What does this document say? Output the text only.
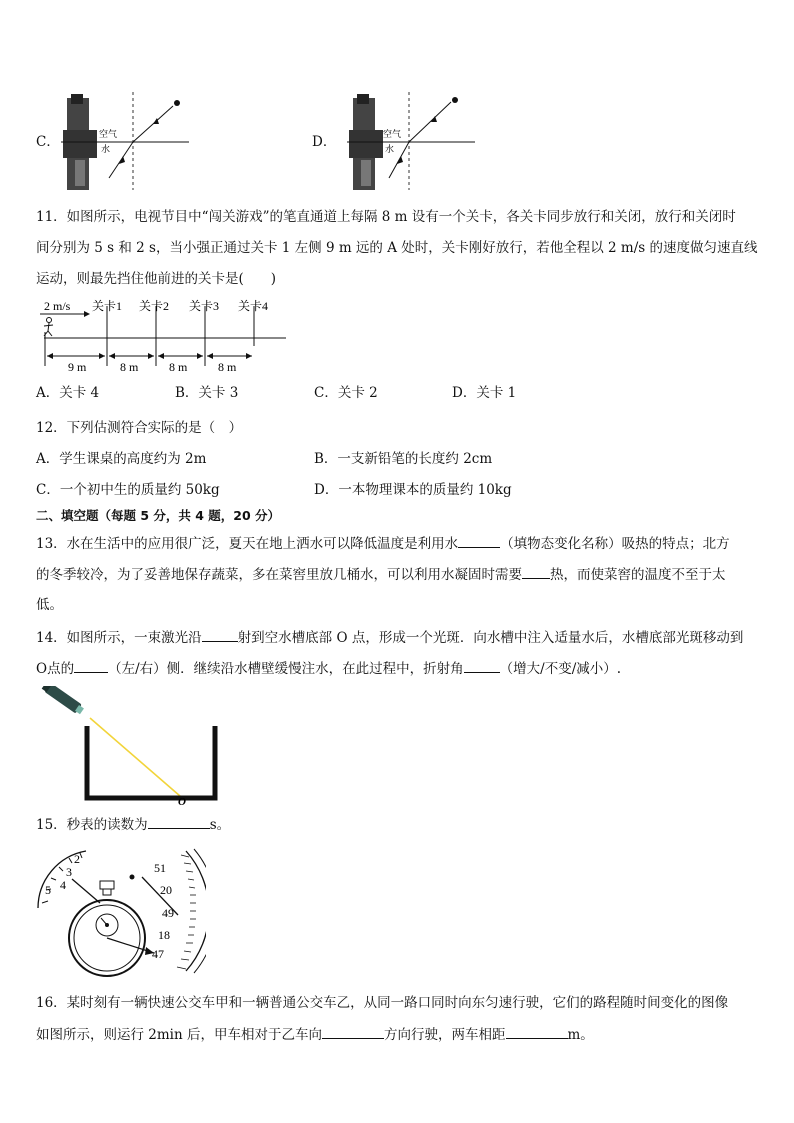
C．	空气
水	D．	空气
水
11．如图所示，电视节目中“闯关游戏”的笔直通道上每隔 8 m 设有一个关卡，各关卡同步放行和关闭，放行和关闭时
间分别为 5 s 和 2 s，当小强正通过关卡 1 左侧 9 m 远的 A 处时，关卡刚好放行，若他全程以 2 m/s 的速度做匀速直线
运动，则最先挡住他前进的关卡是(　　)
2 m/s 关卡1 关卡2 关卡3 关卡4
9 m	8 m	8 m	8 m
A．关卡 4	B．关卡 3	C．关卡 2	D．关卡 1
12．下列估测符合实际的是（　）
A．学生课桌的高度约为 2m	B．一支新铅笔的长度约 2cm
C．一个初中生的质量约 50kg	D．一本物理课本的质量约 10kg
二、填空题（每题 5 分，共 4 题，20 分）
13．水在生活中的应用很广泛，夏天在地上洒水可以降低温度是利用水	（填物态变化名称）吸热的特点；北方
的冬季较冷，为了妥善地保存蔬菜，多在菜窖里放几桶水，可以利用水凝固时需要 热，而使菜窖的温度不至于太
低。
14．如图所示，一束激光沿	射到空水槽底部 O 点，形成一个光斑．向水槽中注入适量水后，水槽底部光斑移动到
O点的	（左/右）侧．继续沿水槽壁缓慢注水，在此过程中，折射角	（增大/不变/减小）.
O
15．秒表的读数为	s。
2
3
4
5
51
20
49
18
47
16．某时刻有一辆快速公交车甲和一辆普通公交车乙，从同一路口同时向东匀速行驶，它们的路程随时间变化的图像
如图所示，则运行 2min 后，甲车相对于乙车向	方向行驶，两车相距	m。
